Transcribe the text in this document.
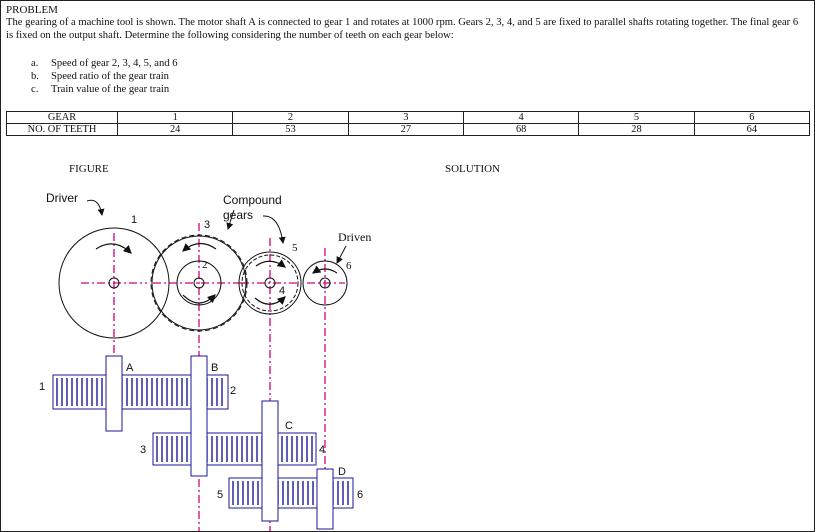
PROBLEM
The gearing of a machine tool is shown. The motor shaft A is connected to gear 1 and rotates at 1000 rpm. Gears 2, 3, 4, and 5 are fixed to parallel shafts rotating together. The final gear 6 is fixed on the output shaft. Determine the following considering the number of teeth on each gear below:
a. Speed of gear 2, 3, 4, 5, and 6
b. Speed ratio of the gear train
c. Train value of the gear train
GEAR	1	2	3	4	5	6
NO. OF TEETH	24	53	27	68	28	64
FIGURE	SOLUTION
Driver	Compound
gears
1	3
2
5
4
6
1	2
3	4
5	6
A	B
C
D
Driven
